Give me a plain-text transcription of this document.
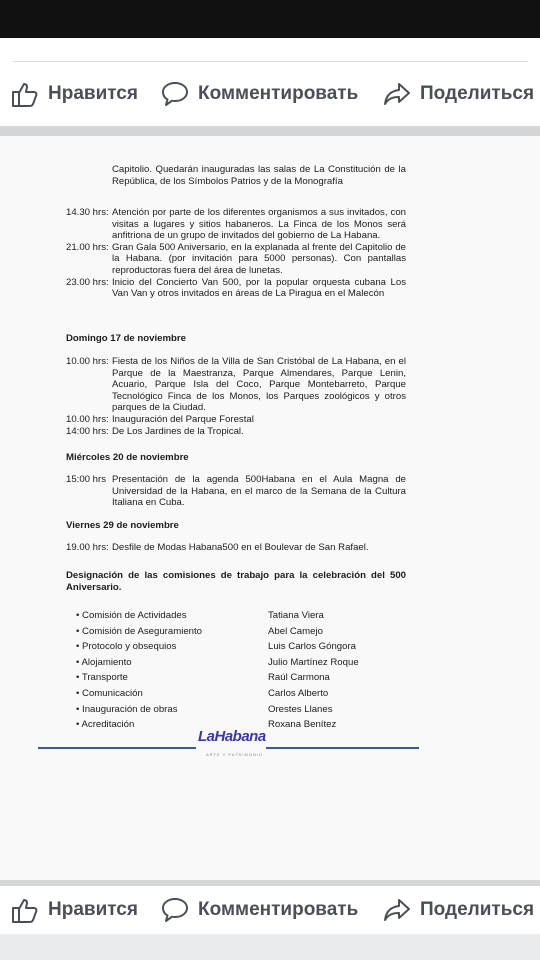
Нравится	Комментировать	Поделиться

Capitolio. Quedarán inauguradas las salas de La Constitución de la República, de los Símbolos Patrios y de la Monografía

14.30 hrs: Atención por parte de los diferentes organismos a sus invitados, con visitas a lugares y sitios habaneros. La Finca de los Monos será anfitriona de un grupo de invitados del gobierno de La Habana.
21.00 hrs: Gran Gala 500 Aniversario, en la explanada al frente del Capitolio de la Habana. (por invitación para 5000 personas). Con pantallas reproductoras fuera del área de lunetas.
23.00 hrs: Inicio del Concierto Van 500, por la popular orquesta cubana Los Van Van y otros invitados en áreas de La Piragua en el Malecón
Domingo 17 de noviembre
10.00 hrs: Fiesta de los Niños de la Villa de San Cristóbal de La Habana, en el Parque de la Maestranza, Parque Almendares, Parque Lenin, Acuario, Parque Isla del Coco, Parque Montebarreto, Parque Tecnológico Finca de los Monos, los Parques zoológicos y otros parques de la Ciudad.
10.00 hrs: Inauguración del Parque Forestal
14:00 hrs: De Los Jardines de la Tropical.
Miércoles 20 de noviembre
15:00 hrs Presentación de la agenda 500Habana en el Aula Magna de Universidad de la Habana, en el marco de la Semana de la Cultura Italiana en Cuba.
Viernes 29 de noviembre
19.00 hrs: Desfile de Modas Habana500 en el Boulevar de San Rafael.
Designación de las comisiones de trabajo para la celebración del 500 Aniversario.
• Comisión de Actividades	Tatiana Viera
• Comisión de Aseguramiento	Abel Camejo
• Protocolo y obsequios	Luis Carlos Góngora
• Alojamiento	Julio Martínez Roque
• Transporte	Raúl Carmona
• Comunicación	Carlos Alberto
• Inauguración de obras	Orestes Llanes
• Acreditación	Roxana Benítez
LaHabana
ARTE Y PATRIMONIO
Нравится	Комментировать	Поделиться
